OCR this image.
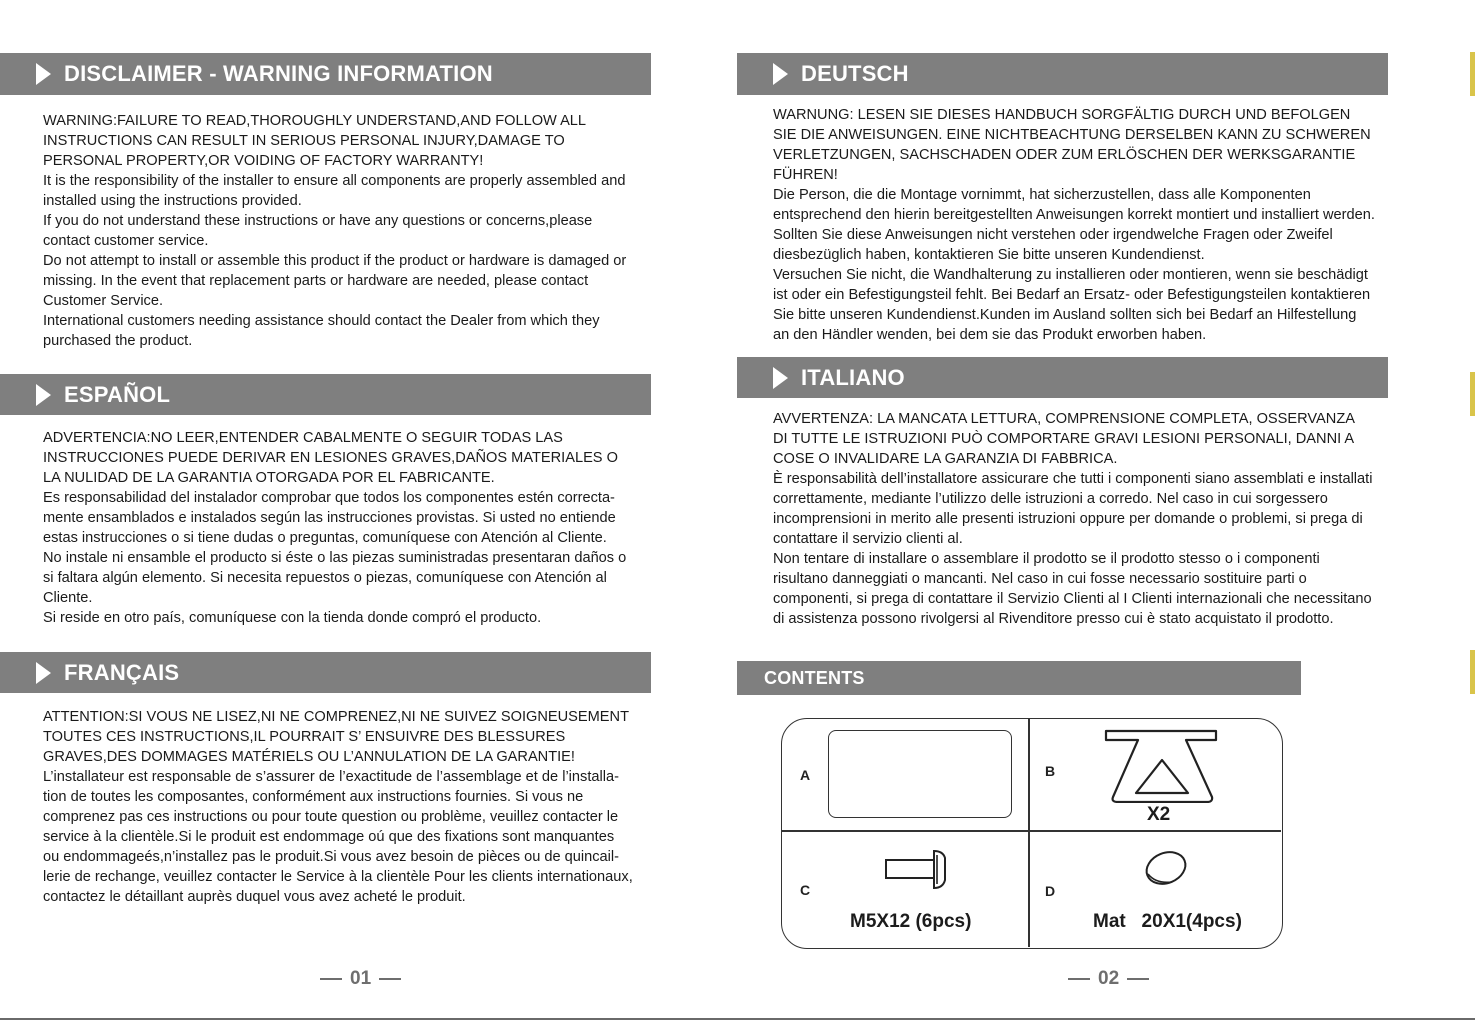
DISCLAIMER - WARNING INFORMATION
WARNING:FAILURE TO READ,THOROUGHLY UNDERSTAND,AND FOLLOW ALL
INSTRUCTIONS CAN RESULT IN SERIOUS PERSONAL INJURY,DAMAGE TO
PERSONAL PROPERTY,OR VOIDING OF FACTORY WARRANTY!
It is the responsibility of the installer to ensure all components are properly assembled and
installed using the instructions provided.
If you do not understand these instructions or have any questions or concerns,please
contact customer service.
Do not attempt to install or assemble this product if the product or hardware is damaged or
missing. In the event that replacement parts or hardware are needed, please contact
Customer Service.
International customers needing assistance should contact the Dealer from which they
purchased the product.
ESPAÑOL
ADVERTENCIA:NO LEER,ENTENDER CABALMENTE O SEGUIR TODAS LAS
INSTRUCCIONES PUEDE DERIVAR EN LESIONES GRAVES,DAÑOS MATERIALES O
LA NULIDAD DE LA GARANTIA OTORGADA POR EL FABRICANTE.
Es responsabilidad del instalador comprobar que todos los componentes estén correcta-
mente ensamblados e instalados según las instrucciones provistas. Si usted no entiende
estas instrucciones o si tiene dudas o preguntas, comuníquese con Atención al Cliente.
No instale ni ensamble el producto si éste o las piezas suministradas presentaran daños o
si faltara algún elemento. Si necesita repuestos o piezas, comuníquese con Atención al
Cliente.
Si reside en otro país, comuníquese con la tienda donde compró el producto.
FRANÇAIS
ATTENTION:SI VOUS NE LISEZ,NI NE COMPRENEZ,NI NE SUIVEZ SOIGNEUSEMENT
TOUTES CES INSTRUCTIONS,IL POURRAIT S’ ENSUIVRE DES BLESSURES
GRAVES,DES DOMMAGES MATÉRIELS OU L’ANNULATION DE LA GARANTIE!
L’installateur est responsable de s’assurer de l’exactitude de l’assemblage et de l’installa-
tion de toutes les composantes, conformément aux instructions fournies. Si vous ne
comprenez pas ces instructions ou pour toute question ou problème, veuillez contacter le
service à la clientèle.Si le produit est endommage oú que des fixations sont manquantes
ou endommageés,n’installez pas le produit.Si vous avez besoin de pièces ou de quincail-
lerie de rechange, veuillez contacter le Service à la clientèle Pour les clients internationaux,
contactez le détaillant auprès duquel vous avez acheté le produit.
01
DEUTSCH
WARNUNG: LESEN SIE DIESES HANDBUCH SORGFÄLTIG DURCH UND BEFOLGEN
SIE DIE ANWEISUNGEN. EINE NICHTBEACHTUNG DERSELBEN KANN ZU SCHWEREN
VERLETZUNGEN, SACHSCHADEN ODER ZUM ERLÖSCHEN DER WERKSGARANTIE
FÜHREN!
Die Person, die die Montage vornimmt, hat sicherzustellen, dass alle Komponenten
entsprechend den hierin bereitgestellten Anweisungen korrekt montiert und installiert werden.
Sollten Sie diese Anweisungen nicht verstehen oder irgendwelche Fragen oder Zweifel
diesbezüglich haben, kontaktieren Sie bitte unseren Kundendienst.
Versuchen Sie nicht, die Wandhalterung zu installieren oder montieren, wenn sie beschädigt
ist oder ein Befestigungsteil fehlt. Bei Bedarf an Ersatz- oder Befestigungsteilen kontaktieren
Sie bitte unseren Kundendienst.Kunden im Ausland sollten sich bei Bedarf an Hilfestellung
an den Händler wenden, bei dem sie das Produkt erworben haben.
ITALIANO
AVVERTENZA: LA MANCATA LETTURA, COMPRENSIONE COMPLETA, OSSERVANZA
DI TUTTE LE ISTRUZIONI PUÒ COMPORTARE GRAVI LESIONI PERSONALI, DANNI A
COSE O INVALIDARE LA GARANZIA DI FABBRICA.
È responsabilità dell’installatore assicurare che tutti i componenti siano assemblati e installati
correttamente, mediante l’utilizzo delle istruzioni a corredo. Nel caso in cui sorgessero
incomprensioni in merito alle presenti istruzioni oppure per domande o problemi, si prega di
contattare il servizio clienti al.
Non tentare di installare o assemblare il prodotto se il prodotto stesso o i componenti
risultano danneggiati o mancanti. Nel caso in cui fosse necessario sostituire parti o
componenti, si prega di contattare il Servizio Clienti al I Clienti internazionali che necessitano
di assistenza possono rivolgersi al Rivenditore presso cui è stato acquistato il prodotto.
CONTENTS
A	B
X2
C
M5X12 (6pcs)
D
Mat   20X1(4pcs)
02
